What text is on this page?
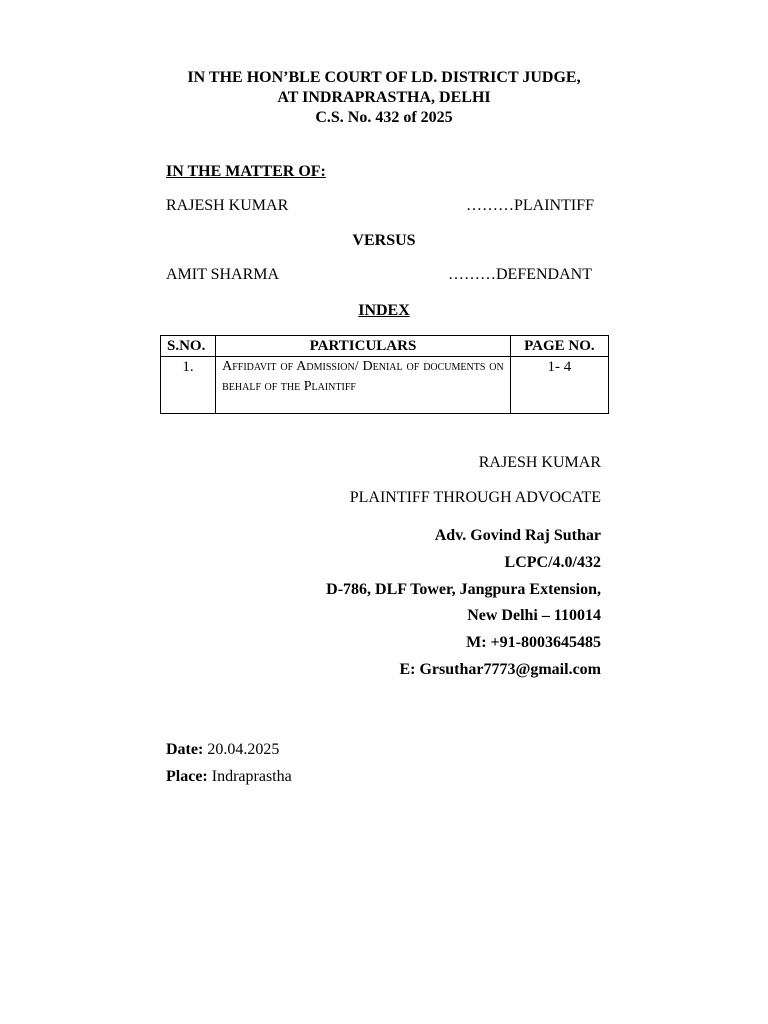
IN THE HON’BLE COURT OF LD. DISTRICT JUDGE,
AT INDRAPRASTHA, DELHI
C.S. No. 432 of 2025
IN THE MATTER OF:
RAJESH KUMAR	………PLAINTIFF
VERSUS
AMIT SHARMA	………DEFENDANT
INDEX
S.NO.	PARTICULARS	PAGE NO.
1.	Affidavit of Admission/ Denial of documents on behalf of the Plaintiff	1- 4
RAJESH KUMAR
PLAINTIFF THROUGH ADVOCATE
Adv. Govind Raj Suthar
LCPC/4.0/432
D-786, DLF Tower, Jangpura Extension,
New Delhi – 110014
M: +91-8003645485
E: Grsuthar7773@gmail.com
Date: 20.04.2025
Place: Indraprastha
